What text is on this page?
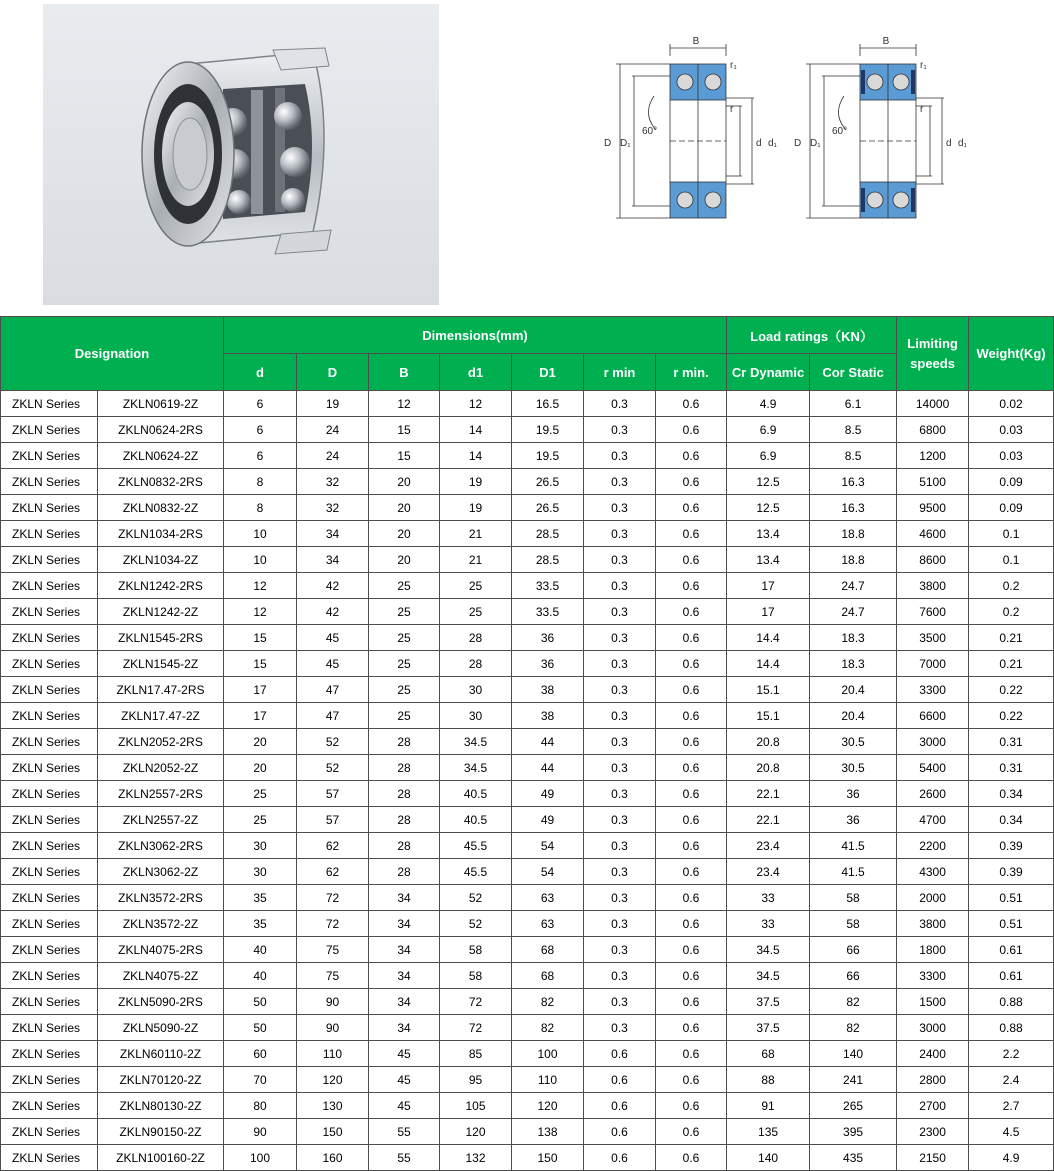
B
r₁
r
D D₁
60°
d d₁
B
r₁
r
D D₁
60°
d d₁
Designation		Dimensions(mm)							Load ratings（KN）		Limiting speeds	Weight(Kg)
		d	D	B	d1	D1	r min	r min.	Cr Dynamic	Cor Static		
ZKLN Series	ZKLN0619-2Z	6	19	12	12	16.5	0.3	0.6	4.9	6.1	14000	0.02
ZKLN Series	ZKLN0624-2RS	6	24	15	14	19.5	0.3	0.6	6.9	8.5	6800	0.03
ZKLN Series	ZKLN0624-2Z	6	24	15	14	19.5	0.3	0.6	6.9	8.5	1200	0.03
ZKLN Series	ZKLN0832-2RS	8	32	20	19	26.5	0.3	0.6	12.5	16.3	5100	0.09
ZKLN Series	ZKLN0832-2Z	8	32	20	19	26.5	0.3	0.6	12.5	16.3	9500	0.09
ZKLN Series	ZKLN1034-2RS	10	34	20	21	28.5	0.3	0.6	13.4	18.8	4600	0.1
ZKLN Series	ZKLN1034-2Z	10	34	20	21	28.5	0.3	0.6	13.4	18.8	8600	0.1
ZKLN Series	ZKLN1242-2RS	12	42	25	25	33.5	0.3	0.6	17	24.7	3800	0.2
ZKLN Series	ZKLN1242-2Z	12	42	25	25	33.5	0.3	0.6	17	24.7	7600	0.2
ZKLN Series	ZKLN1545-2RS	15	45	25	28	36	0.3	0.6	14.4	18.3	3500	0.21
ZKLN Series	ZKLN1545-2Z	15	45	25	28	36	0.3	0.6	14.4	18.3	7000	0.21
ZKLN Series	ZKLN17.47-2RS	17	47	25	30	38	0.3	0.6	15.1	20.4	3300	0.22
ZKLN Series	ZKLN17.47-2Z	17	47	25	30	38	0.3	0.6	15.1	20.4	6600	0.22
ZKLN Series	ZKLN2052-2RS	20	52	28	34.5	44	0.3	0.6	20.8	30.5	3000	0.31
ZKLN Series	ZKLN2052-2Z	20	52	28	34.5	44	0.3	0.6	20.8	30.5	5400	0.31
ZKLN Series	ZKLN2557-2RS	25	57	28	40.5	49	0.3	0.6	22.1	36	2600	0.34
ZKLN Series	ZKLN2557-2Z	25	57	28	40.5	49	0.3	0.6	22.1	36	4700	0.34
ZKLN Series	ZKLN3062-2RS	30	62	28	45.5	54	0.3	0.6	23.4	41.5	2200	0.39
ZKLN Series	ZKLN3062-2Z	30	62	28	45.5	54	0.3	0.6	23.4	41.5	4300	0.39
ZKLN Series	ZKLN3572-2RS	35	72	34	52	63	0.3	0.6	33	58	2000	0.51
ZKLN Series	ZKLN3572-2Z	35	72	34	52	63	0.3	0.6	33	58	3800	0.51
ZKLN Series	ZKLN4075-2RS	40	75	34	58	68	0.3	0.6	34.5	66	1800	0.61
ZKLN Series	ZKLN4075-2Z	40	75	34	58	68	0.3	0.6	34.5	66	3300	0.61
ZKLN Series	ZKLN5090-2RS	50	90	34	72	82	0.3	0.6	37.5	82	1500	0.88
ZKLN Series	ZKLN5090-2Z	50	90	34	72	82	0.3	0.6	37.5	82	3000	0.88
ZKLN Series	ZKLN60110-2Z	60	110	45	85	100	0.6	0.6	68	140	2400	2.2
ZKLN Series	ZKLN70120-2Z	70	120	45	95	110	0.6	0.6	88	241	2800	2.4
ZKLN Series	ZKLN80130-2Z	80	130	45	105	120	0.6	0.6	91	265	2700	2.7
ZKLN Series	ZKLN90150-2Z	90	150	55	120	138	0.6	0.6	135	395	2300	4.5
ZKLN Series	ZKLN100160-2Z	100	160	55	132	150	0.6	0.6	140	435	2150	4.9
